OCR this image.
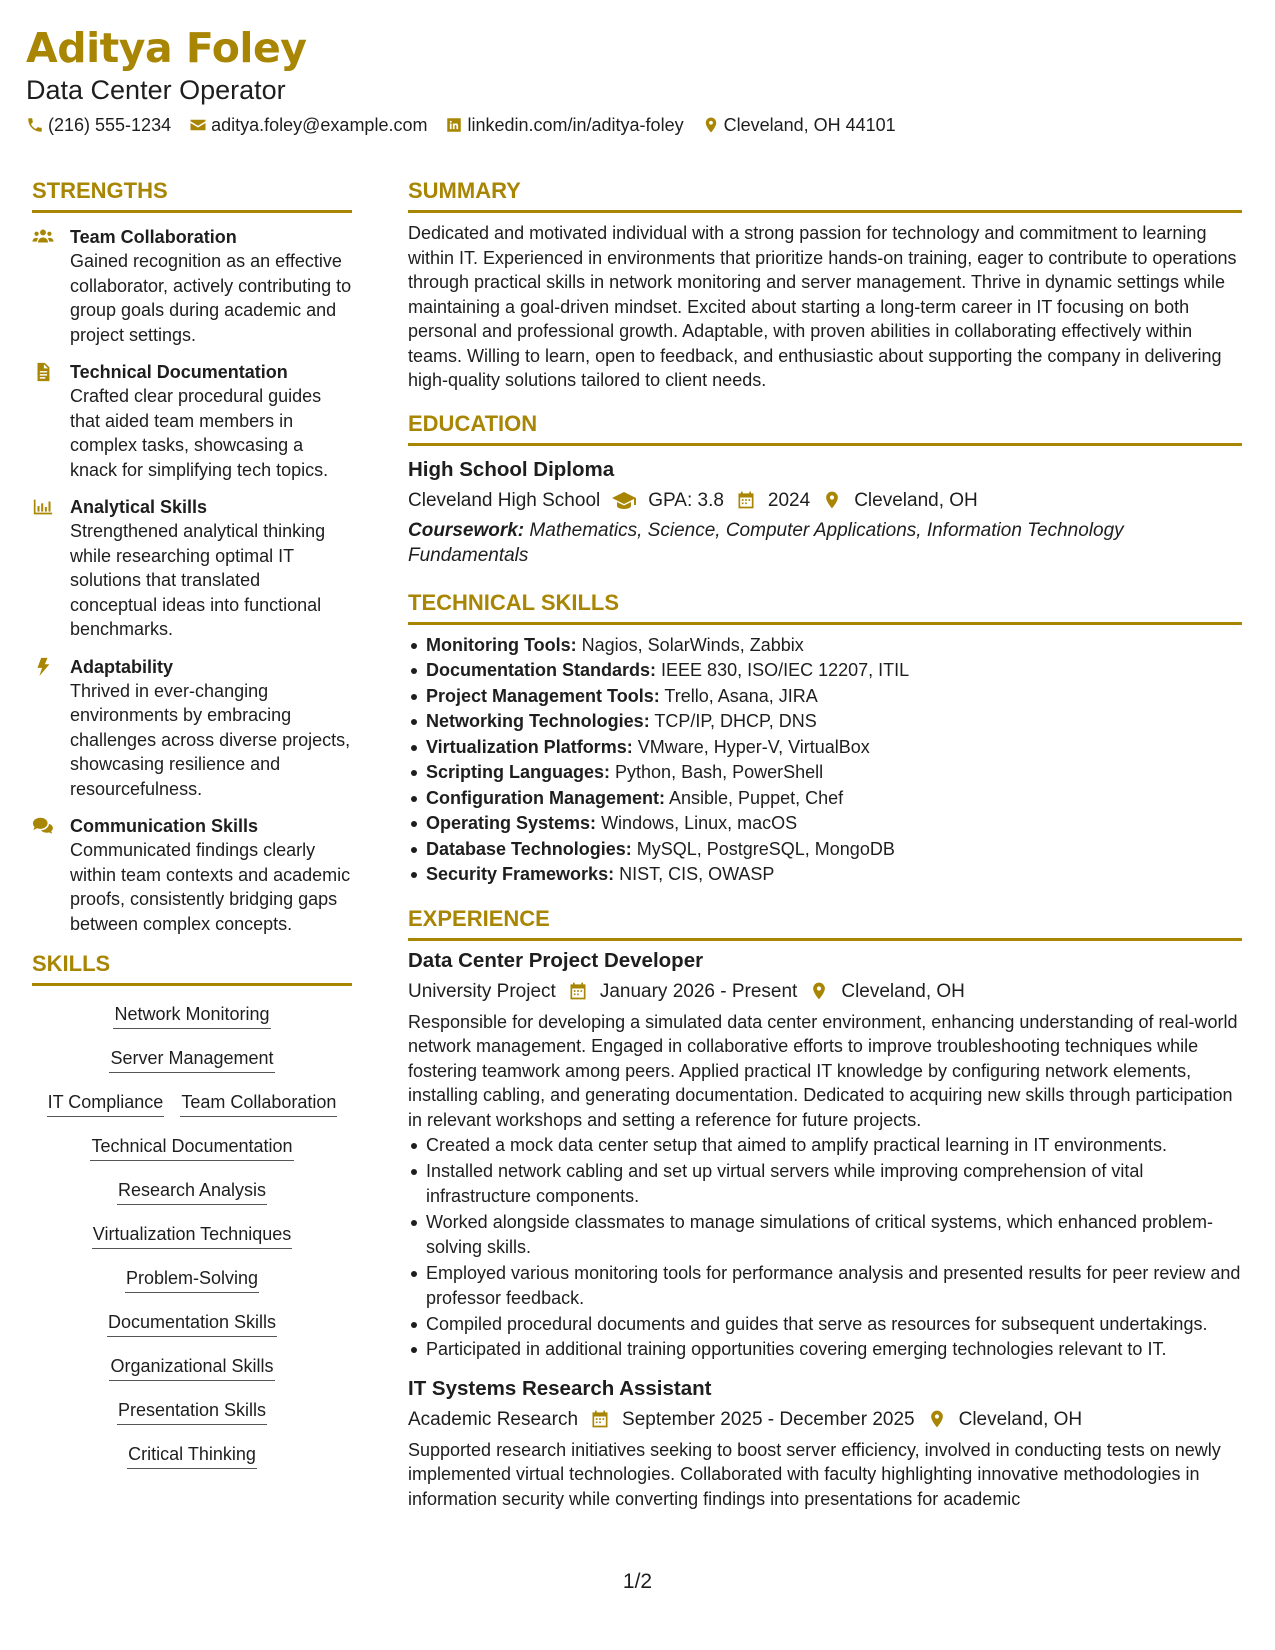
Aditya Foley
Data Center Operator
(216) 555-1234 aditya.foley@example.com linkedin.com/in/aditya-foley Cleveland, OH 44101
STRENGTHS
Team Collaboration
Gained recognition as an effective collaborator, actively contributing to group goals during academic and project settings.
Technical Documentation
Crafted clear procedural guides that aided team members in complex tasks, showcasing a knack for simplifying tech topics.
Analytical Skills
Strengthened analytical thinking while researching optimal IT solutions that translated conceptual ideas into functional benchmarks.
Adaptability
Thrived in ever-changing environments by embracing challenges across diverse projects, showcasing resilience and resourcefulness.
Communication Skills
Communicated findings clearly within team contexts and academic proofs, consistently bridging gaps between complex concepts.
SKILLS
Network Monitoring
Server Management
IT Compliance Team Collaboration
Technical Documentation
Research Analysis
Virtualization Techniques
Problem-Solving
Documentation Skills
Organizational Skills
Presentation Skills
Critical Thinking
SUMMARY
Dedicated and motivated individual with a strong passion for technology and commitment to learning within IT. Experienced in environments that prioritize hands-on training, eager to contribute to operations through practical skills in network monitoring and server management. Thrive in dynamic settings while maintaining a goal-driven mindset. Excited about starting a long-term career in IT focusing on both personal and professional growth. Adaptable, with proven abilities in collaborating effectively within teams. Willing to learn, open to feedback, and enthusiastic about supporting the company in delivering high-quality solutions tailored to client needs.
EDUCATION
High School Diploma
Cleveland High School	GPA: 3.8 2024 Cleveland, OH
Coursework: Mathematics, Science, Computer Applications, Information Technology Fundamentals
TECHNICAL SKILLS
Monitoring Tools: Nagios, SolarWinds, Zabbix
Documentation Standards: IEEE 830, ISO/IEC 12207, ITIL
Project Management Tools: Trello, Asana, JIRA
Networking Technologies: TCP/IP, DHCP, DNS
Virtualization Platforms: VMware, Hyper-V, VirtualBox
Scripting Languages: Python, Bash, PowerShell
Configuration Management: Ansible, Puppet, Chef
Operating Systems: Windows, Linux, macOS
Database Technologies: MySQL, PostgreSQL, MongoDB
Security Frameworks: NIST, CIS, OWASP
EXPERIENCE
Data Center Project Developer
University Project January 2026 - Present Cleveland, OH
Responsible for developing a simulated data center environment, enhancing understanding of real-world network management. Engaged in collaborative efforts to improve troubleshooting techniques while fostering teamwork among peers. Applied practical IT knowledge by configuring network elements, installing cabling, and generating documentation. Dedicated to acquiring new skills through participation in relevant workshops and setting a reference for future projects.
Created a mock data center setup that aimed to amplify practical learning in IT environments.
Installed network cabling and set up virtual servers while improving comprehension of vital infrastructure components.
Worked alongside classmates to manage simulations of critical systems, which enhanced problem-solving skills.
Employed various monitoring tools for performance analysis and presented results for peer review and professor feedback.
Compiled procedural documents and guides that serve as resources for subsequent undertakings.
Participated in additional training opportunities covering emerging technologies relevant to IT.
IT Systems Research Assistant
Academic Research September 2025 - December 2025 Cleveland, OH
Supported research initiatives seeking to boost server efficiency, involved in conducting tests on newly implemented virtual technologies. Collaborated with faculty highlighting innovative methodologies in information security while converting findings into presentations for academic
1/2
